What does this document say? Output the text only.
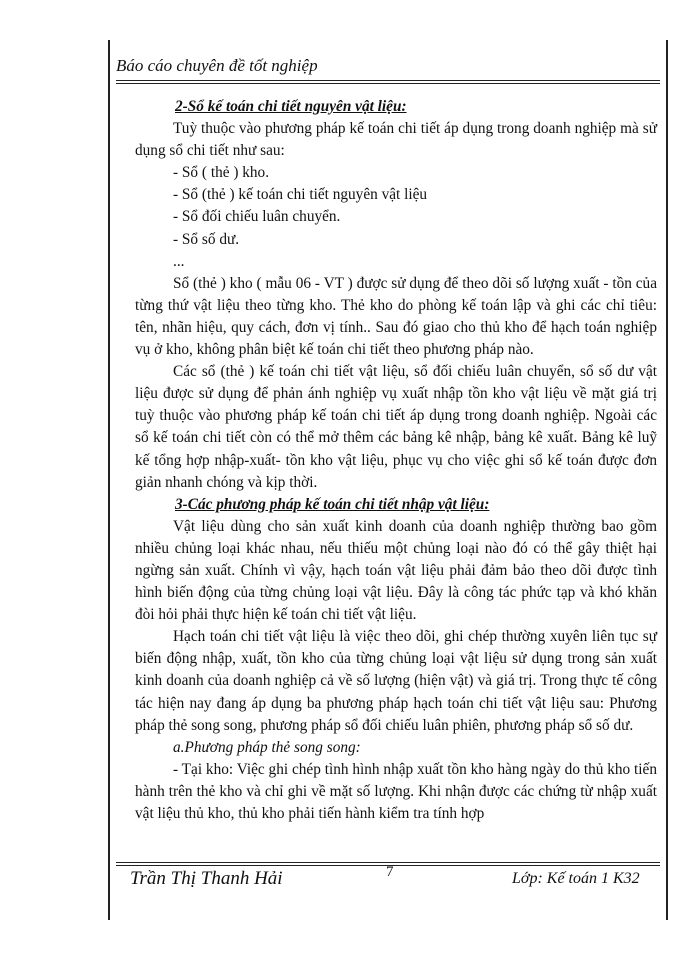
Báo cáo chuyên đề tốt nghiệp

2-Sổ kế toán chi tiết nguyên vật liệu:

Tuỳ thuộc vào phương pháp kế toán chi tiết áp dụng trong doanh nghiệp mà sử dụng sổ chi tiết như sau:

- Sổ ( thẻ ) kho.

- Sổ (thẻ ) kế toán chi tiết nguyên vật liệu

- Sổ đối chiếu luân chuyển.

- Sổ số dư.

...

Sổ (thẻ ) kho ( mẫu 06 - VT ) được sử dụng để theo dõi số lượng xuất - tồn của từng thứ vật liệu theo từng kho. Thẻ kho do phòng kế toán lập và ghi các chỉ tiêu: tên, nhãn hiệu, quy cách, đơn vị tính.. Sau đó giao cho thủ kho để hạch toán nghiệp vụ ở kho, không phân biệt kế toán chi tiết theo phương pháp nào.

Các sổ (thẻ ) kế toán chi tiết vật liệu, sổ đối chiếu luân chuyển, sổ số dư vật liệu được sử dụng để phản ánh nghiệp vụ xuất nhập tồn kho vật liệu về mặt giá trị tuỳ thuộc vào phương pháp kế toán chi tiết áp dụng trong doanh nghiệp. Ngoài các sổ kế toán chi tiết còn có thể mở thêm các bảng kê nhập, bảng kê xuất. Bảng kê luỹ kế tổng hợp nhập-xuất- tồn kho vật liệu, phục vụ cho việc ghi sổ kế toán được đơn giản nhanh chóng và kịp thời.

3-Các phương pháp kế toán chi tiết nhập vật liệu:

Vật liệu dùng cho sản xuất kinh doanh của doanh nghiệp thường bao gồm nhiều chủng loại khác nhau, nếu thiếu một chủng loại nào đó có thể gây thiệt hại ngừng sản xuất. Chính vì vậy, hạch toán vật liệu phải đảm bảo theo dõi được tình hình biến động của từng chủng loại vật liệu. Đây là công tác phức tạp và khó khăn đòi hỏi phải thực hiện kế toán chi tiết vật liệu.

Hạch toán chi tiết vật liệu là việc theo dõi, ghi chép thường xuyên liên tục sự biến động nhập, xuất, tồn kho của từng chủng loại vật liệu sử dụng trong sản xuất kinh doanh của doanh nghiệp cả về số lượng (hiện vật) và giá trị. Trong thực tế công tác hiện nay đang áp dụng ba phương pháp hạch toán chi tiết vật liệu sau: Phương pháp thẻ song song, phương pháp sổ đối chiếu luân phiên, phương pháp sổ số dư.

a.Phương pháp thẻ song song:

- Tại kho: Việc ghi chép tình hình nhập xuất tồn kho hàng ngày do thủ kho tiến hành trên thẻ kho và chỉ ghi về mặt số lượng. Khi nhận được các chứng từ nhập xuất vật liệu thủ kho, thủ kho phải tiến hành kiểm tra tính hợp

Trần Thị Thanh Hải	7	Lớp: Kế toán 1 K32
